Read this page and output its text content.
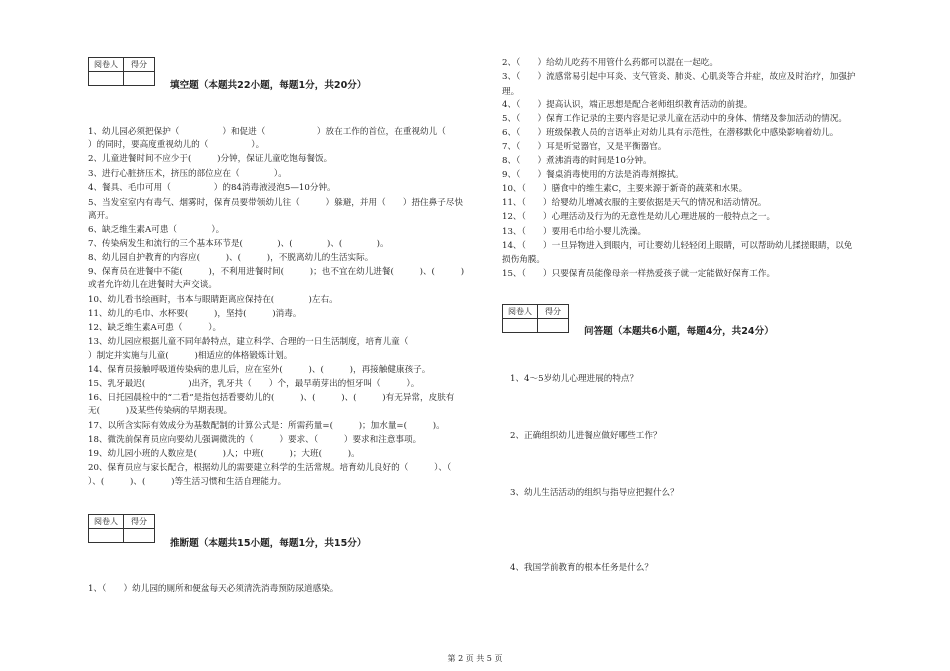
阅卷人	得分

填空题（本题共22小题，每题1分，共20分）
1、幼儿园必须把保护（　　　　　）和促进（　　　　　　）放在工作的首位，在重视幼儿（
）的同时，要高度重视幼儿的（　　　　　）。
2、儿童进餐时间不应少于(　　　)分钟，保证儿童吃饱每餐饭。
3、进行心脏挤压术，挤压的部位应在（　　　　）。
4、餐具、毛巾可用（　　　　　）的84消毒液浸泡5—10分钟。
5、当发室室内有毒气、烟雾时，保育员要带领幼儿往（　　　）躲避，并用（　　）捂住鼻子尽快
离开。
6、缺乏维生素A可患（　　　　）。
7、传染病发生和流行的三个基本环节是(　　　　)、(　　　　)、(　　　　)。
8、幼儿园自护教育的内容应(　　　)、(　　　)，不脱离幼儿的生活实际。
9、保育员在进餐中不能(　　　)，不利用进餐时间(　　　)；也不宜在幼儿进餐(　　　)、(　　　)
或者允许幼儿在进餐时大声交谈。
10、幼儿看书绘画时，书本与眼睛距离应保持在(　　　　)左右。
11、幼儿的毛巾、水杯要(　　　)，坚持(　　　)消毒。
12、缺乏维生素A可患（　　　）。
13、幼儿园应根据儿童不同年龄特点，建立科学、合理的一日生活制度，培育儿童（
）制定并实施与儿童(　　　)相适应的体格锻炼计划。
14、保育员接触呼吸道传染病的患儿后，应在室外(　　　)、(　　　)，再接触健康孩子。
15、乳牙最迟(　　　　　)出齐，乳牙共（　　）个，最早萌芽出的恒牙叫（　　　）。
16、日托园晨检中的“二看”是指包括看婴幼儿的(　　　)、(　　　)、(　　　)有无异常，皮肤有
无(　　　)及某些传染病的早期表现。
17、以所含实际有效成分为基数配制的计算公式是：所需药量=(　　　)；加水量=(　　　)。
18、微洗前保育员应向要幼儿强调微洗的（　　　）要求、（　　　）要求和注意事项。
19、幼儿园小班的人数应是(　　　)人；中班(　　　)；大班(　　　)。
20、保育员应与家长配合，根据幼儿的需要建立科学的生活常规。培育幼儿良好的（　　　）、（
）、(　　　)、(　　　)等生活习惯和生活自理能力。
阅卷人	得分

推断题（本题共15小题，每题1分，共15分）
1、（　　）幼儿园的厕所和便盆每天必须清洗消毒预防尿道感染。
2、（　　）给幼儿吃药不用管什么药都可以混在一起吃。
3、（　　）流感常易引起中耳炎、支气管炎、肺炎、心肌炎等合并症，故应及时治疗，加强护
理。
4、（　　）提高认识，端正思想是配合老师组织教育活动的前提。
5、（　　）保育工作记录的主要内容是记录儿童在活动中的身体、情绪及参加活动的情况。
6、（　　）班级保教人员的言语举止对幼儿具有示范性，在潜移默化中感染影响着幼儿。
7、（　　）耳是听觉器官，又是平衡器官。
8、（　　）煮沸消毒的时间是10分钟。
9、（　　）餐桌消毒使用的方法是消毒剂擦拭。
10、（　　）膳食中的维生素C，主要来源于新奇的蔬菜和水果。
11、（　　）给婴幼儿增减衣服的主要依据是天气的情况和活动情况。
12、（　　）心理活动及行为的无意性是幼儿心理进展的一般特点之一。
13、（　　）要用毛巾给小婴儿洗澡。
14、（　　）一旦异物进入到眼内，可让婴幼儿轻轻闭上眼睛，可以帮助幼儿揉搓眼睛，以免
损伤角膜。
15、（　　）只要保育员能像母亲一样热爱孩子就一定能做好保育工作。
阅卷人	得分

问答题（本题共6小题，每题4分，共24分）
1、4～5岁幼儿心理进展的特点？
2、正确组织幼儿进餐应做好哪些工作？
3、幼儿生活活动的组织与指导应把握什么？
4、我国学前教育的根本任务是什么？
第 2 页 共 5 页
